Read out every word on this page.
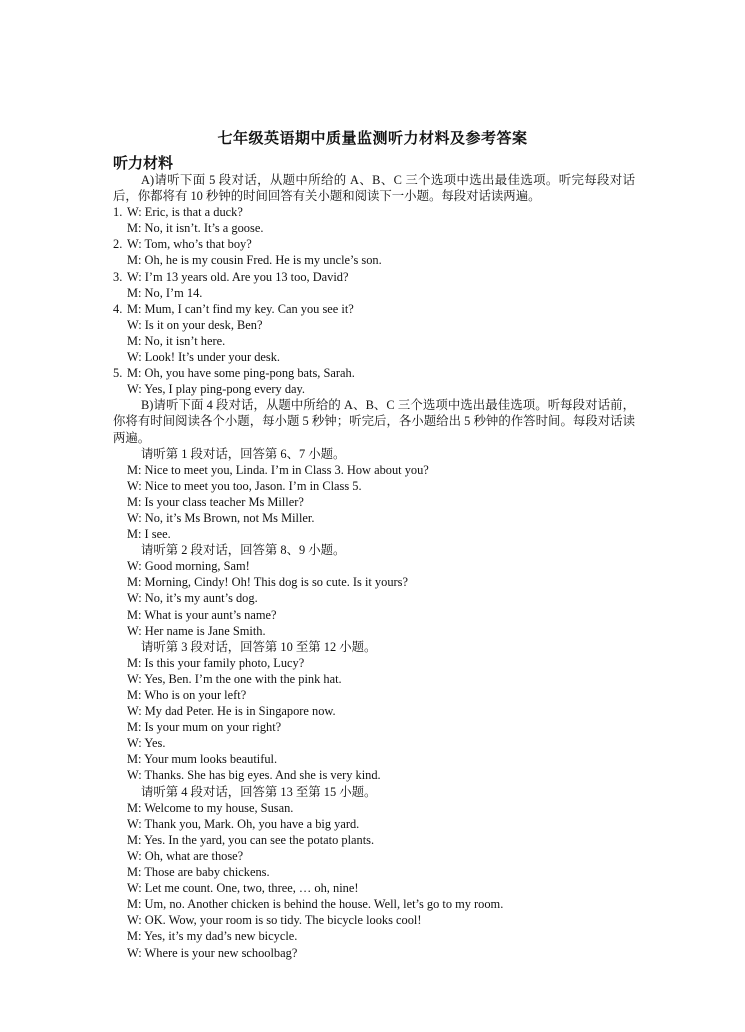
七年级英语期中质量监测听力材料及参考答案
听力材料
A)请听下面 5 段对话，从题中所给的 A、B、C 三个选项中选出最佳选项。听完每段对话后，你都将有 10 秒钟的时间回答有关小题和阅读下一小题。每段对话读两遍。
1. W: Eric, is that a duck?
M: No, it isn’t. It’s a goose.
2. W: Tom, who’s that boy?
M: Oh, he is my cousin Fred. He is my uncle’s son.
3. W: I’m 13 years old. Are you 13 too, David?
M: No, I’m 14.
4. M: Mum, I can’t find my key. Can you see it?
W: Is it on your desk, Ben?
M: No, it isn’t here.
W: Look! It’s under your desk.
5. M: Oh, you have some ping-pong bats, Sarah.
W: Yes, I play ping-pong every day.
B)请听下面 4 段对话，从题中所给的 A、B、C 三个选项中选出最佳选项。听每段对话前，你将有时间阅读各个小题，每小题 5 秒钟；听完后，各小题给出 5 秒钟的作答时间。每段对话读两遍。
请听第 1 段对话，回答第 6、7 小题。
M: Nice to meet you, Linda. I’m in Class 3. How about you?
W: Nice to meet you too, Jason. I’m in Class 5.
M: Is your class teacher Ms Miller?
W: No, it’s Ms Brown, not Ms Miller.
M: I see.
请听第 2 段对话，回答第 8、9 小题。
W: Good morning, Sam!
M: Morning, Cindy! Oh! This dog is so cute. Is it yours?
W: No, it’s my aunt’s dog.
M: What is your aunt’s name?
W: Her name is Jane Smith.
请听第 3 段对话，回答第 10 至第 12 小题。
M: Is this your family photo, Lucy?
W: Yes, Ben. I’m the one with the pink hat.
M: Who is on your left?
W: My dad Peter. He is in Singapore now.
M: Is your mum on your right?
W: Yes.
M: Your mum looks beautiful.
W: Thanks. She has big eyes. And she is very kind.
请听第 4 段对话，回答第 13 至第 15 小题。
M: Welcome to my house, Susan.
W: Thank you, Mark. Oh, you have a big yard.
M: Yes. In the yard, you can see the potato plants.
W: Oh, what are those?
M: Those are baby chickens.
W: Let me count. One, two, three, … oh, nine!
M: Um, no. Another chicken is behind the house. Well, let’s go to my room.
W: OK. Wow, your room is so tidy. The bicycle looks cool!
M: Yes, it’s my dad’s new bicycle.
W: Where is your new schoolbag?
